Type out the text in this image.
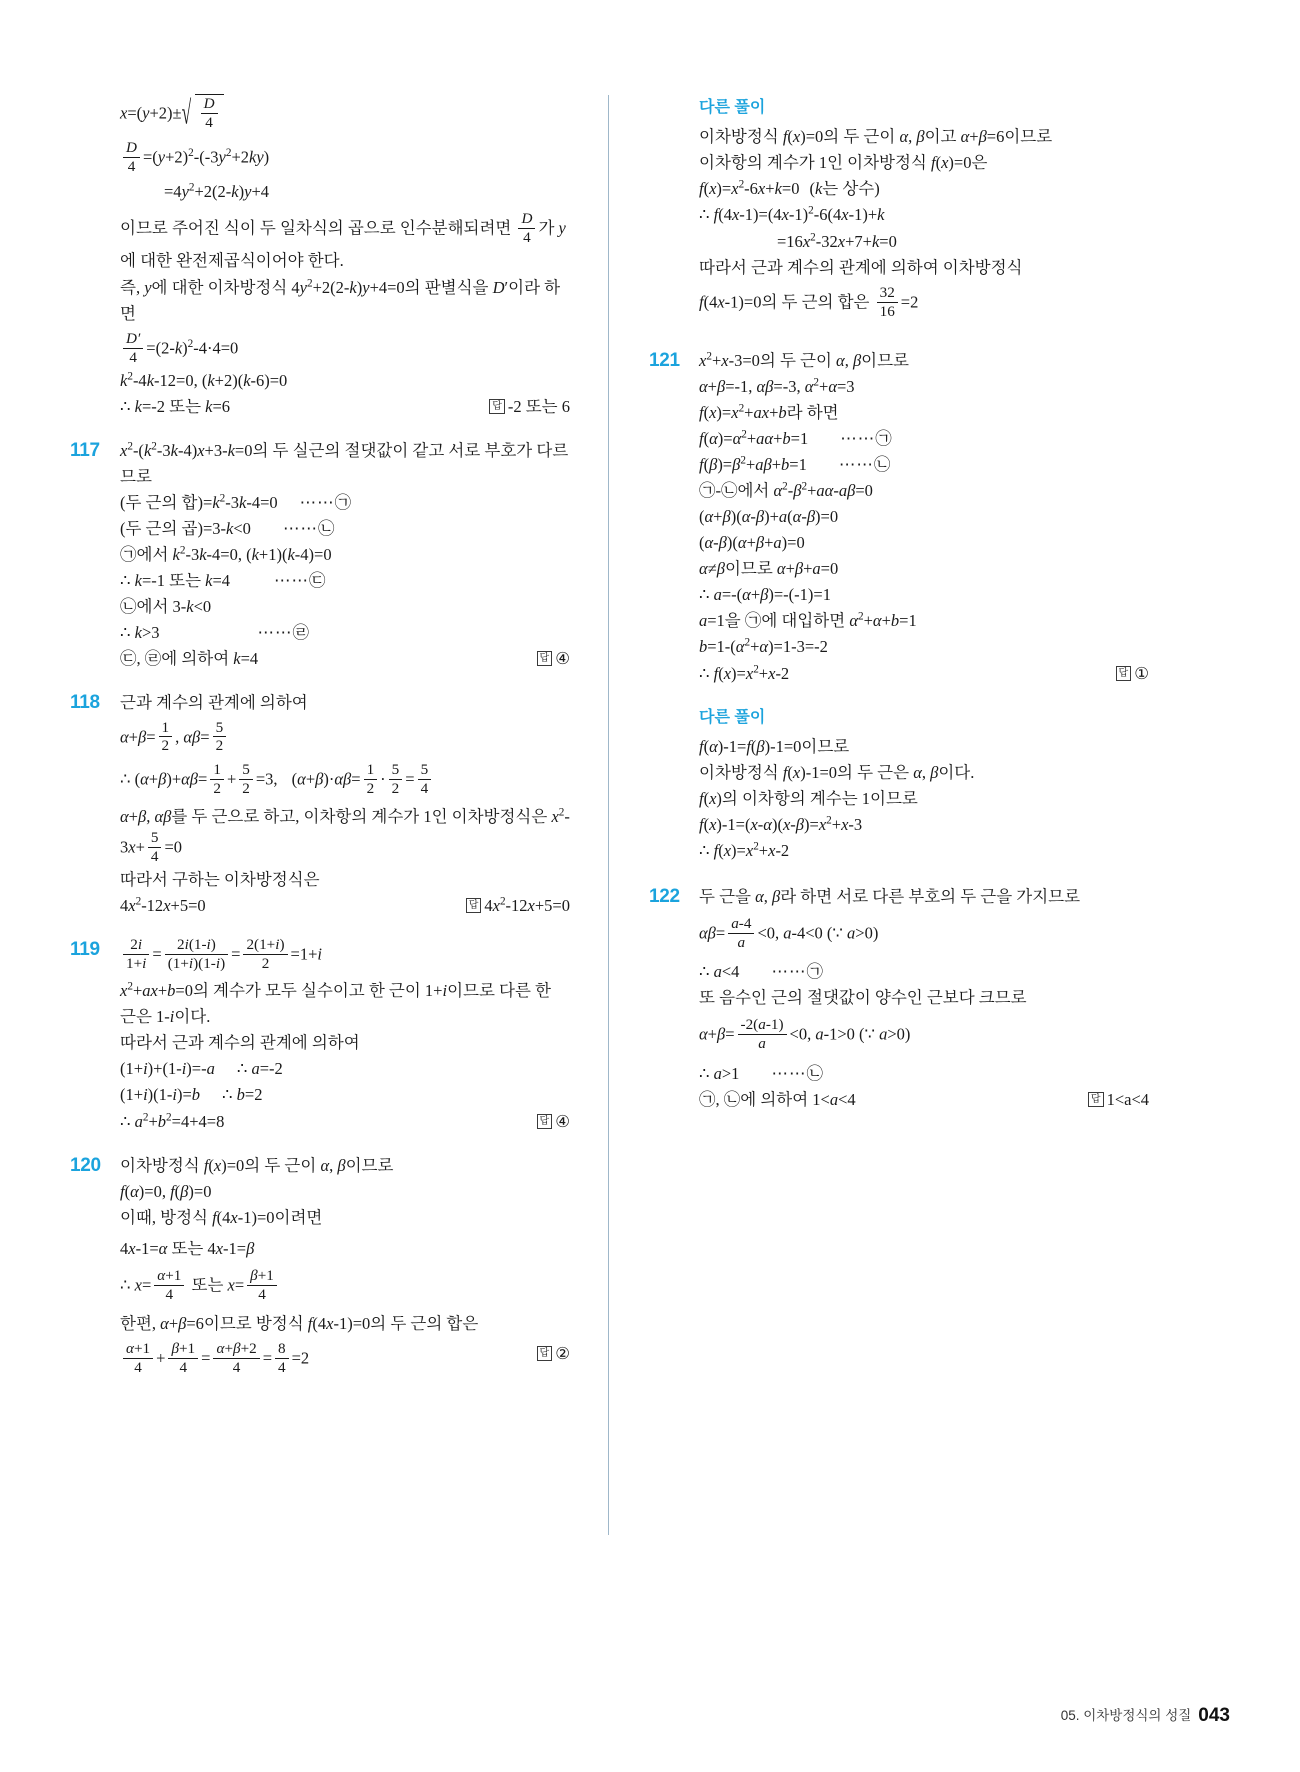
x=(y+2)± √ $\frac{D}{4}$
$\frac{D}{4} =(y+2)^2-(-3y^2+2ky)$
$=4y^2+2(2-k)y+4$
이므로 주어진 식이 두 일차식의 곱으로 인수분해되려면 $\frac{D}{4}$ 가 y에 대한 완전제곱식이어야 한다.
즉, y에 대한 이차방정식 $4y^2+2(2-k)y+4=0$의 판별식을 D′이라 하면
$\frac{D'}{4} =(2-k)^2-4\cdot 4=0$
$k^2-4k-12=0$, (k+2)(k-6)=0
답 -2 또는 6
∴ k=-2 또는 k=6
117	$x^2-(k^2-3k-4)x+3-k=0$의 두 실근의 절댓값이 같고 서로 부호가 다르므로
(두 근의 합)$=k^2-3k-4=0$ ⋯⋯㉠
(두 근의 곱)=3-k<0 ⋯⋯㉡
㉠에서 $k^2-3k-4=0$, (k+1)(k-4)=0
∴ k=-1 또는 k=4	⋯⋯㉢
㉡에서 3-k<0
∴ k>3	⋯⋯㉣
답 ④
㉢, ㉣에 의하여 k=4
118	근과 계수의 관계에 의하여
$\alpha+\beta= \frac{1}{2}$ , $\alpha\beta= \frac{5}{2}$
∴ $(\alpha+\beta)+\alpha\beta= \frac{1}{2} + \frac{5}{2} =3$, $(\alpha+\beta)\cdot\alpha\beta= \frac{1}{2} \cdot \frac{5}{2} = \frac{5}{4}$
α+β, αβ를 두 근으로 하고, 이차항의 계수가 1인 이차방정식은 $x^2-3x+ \frac{5}{4} =0$
따라서 구하는 이차방정식은
답 $4x^2-12x+5=0$
$4x^2-12x+5=0$
119	$\frac{2i}{1+i} = \frac{2i(1-i)}{(1+i)(1-i)} = \frac{2(1+i)}{2} =1+i$
$x^2+ax+b=0$의 계수가 모두 실수이고 한 근이 1+i이므로 다른 한 근은 1-i이다.
따라서 근과 계수의 관계에 의하여
(1+i)+(1-i)=-a ∴ a=-2
(1+i)(1-i)=b ∴ b=2
답 ④
∴ $a^2+b^2=4+4=8$
120	이차방정식 f(x)=0의 두 근이 α, β이므로
f(α)=0, f(β)=0
이때, 방정식 f(4x-1)=0이려면
4x-1=α 또는 4x-1=β
∴ $x= \frac{\alpha+1}{4}$ 또는 $x= \frac{\beta+1}{4}$
한편, α+β=6이므로 방정식 f(4x-1)=0의 두 근의 합은
답 ②
$\frac{\alpha+1}{4} + \frac{\beta+1}{4} = \frac{\alpha+\beta+2}{4} = \frac{8}{4} =2$
다른 풀이
이차방정식 f(x)=0의 두 근이 α, β이고 α+β=6이므로
이차항의 계수가 1인 이차방정식 f(x)=0은
$f(x)=x^2-6x+k=0$ (k는 상수)
∴ $f(4x-1)=(4x-1)^2-6(4x-1)+k$
$=16x^2-32x+7+k=0$
따라서 근과 계수의 관계에 의하여 이차방정식
f(4x-1)=0의 두 근의 합은 $\frac{32}{16} =2$
121	$x^2+x-3=0$의 두 근이 α, β이므로
α+β=-1, αβ=-3, $\alpha^2+\alpha=3$
$f(x)=x^2+ax+b$라 하면
$f(\alpha)=\alpha^2+a\alpha+b=1$ ⋯⋯㉠
$f(\beta)=\beta^2+a\beta+b=1$ ⋯⋯㉡
㉠-㉡에서 $\alpha^2-\beta^2+a\alpha-a\beta=0$
(α+β)(α-β)+a(α-β)=0
(α-β)(α+β+a)=0
α≠β이므로 α+β+a=0
∴ a=-(α+β)=-(-1)=1
a=1을 ㉠에 대입하면 $\alpha^2+\alpha+b=1$
$b=1-(\alpha^2+\alpha)=1-3=-2$
답 ①
∴ $f(x)=x^2+x-2$
다른 풀이
f(α)-1=f(β)-1=0이므로
이차방정식 f(x)-1=0의 두 근은 α, β이다.
f(x)의 이차항의 계수는 1이므로
$f(x)-1=(x-\alpha)(x-\beta)=x^2+x-3$
∴ $f(x)=x^2+x-2$
122	두 근을 α, β라 하면 서로 다른 부호의 두 근을 가지므로
$\alpha\beta= \frac{a-4}{a} <0$, a-4<0 (∵ a>0)
∴ a<4 ⋯⋯㉠
또 음수인 근의 절댓값이 양수인 근보다 크므로
$\alpha+\beta= \frac{-2(a-1)}{a} <0$, a-1>0 (∵ a>0)
∴ a>1 ⋯⋯㉡
답 1<a<4
㉠, ㉡에 의하여 1<a<4
05. 이차방정식의 성질 043
